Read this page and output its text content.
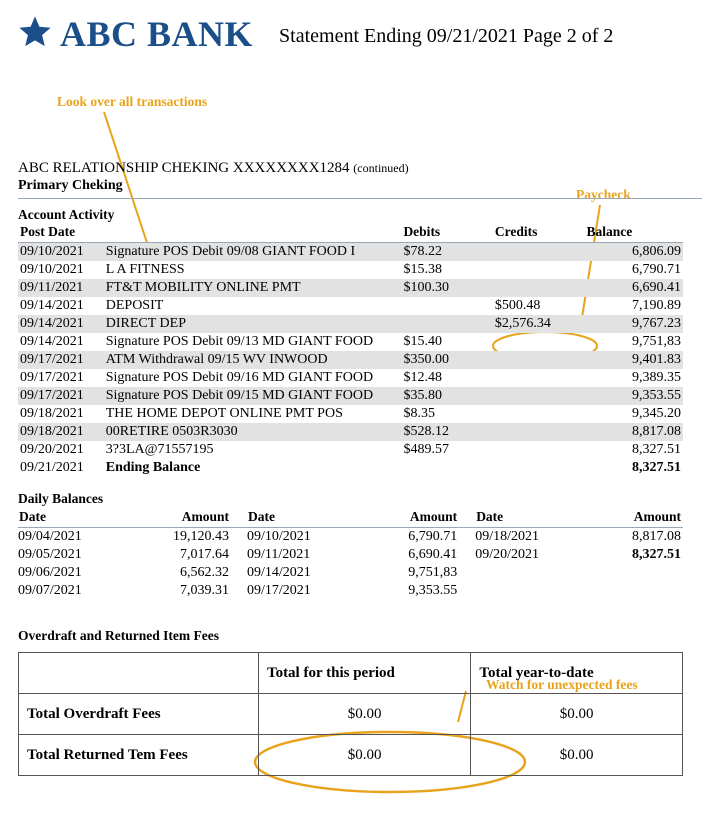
ABC BANK Statement Ending 09/21/2021 Page 2 of 2
Look over all transactions
Paycheck
Watch for unexpected fees
ABC RELATIONSHIP CHEKING XXXXXXXX1284 (continued)
Primary Cheking
Account Activity
Post Date		Debits	Credits	Balance
09/10/2021	Signature POS Debit 09/08 GIANT FOOD I	$78.22		6,806.09
09/10/2021	L A FITNESS	$15.38		6,790.71
09/11/2021	FT&T MOBILITY ONLINE PMT	$100.30		6,690.41
09/14/2021	DEPOSIT		$500.48	7,190.89
09/14/2021	DIRECT DEP		$2,576.34	9,767.23
09/14/2021	Signature POS Debit 09/13 MD GIANT FOOD	$15.40		9,751,83
09/17/2021	ATM Withdrawal 09/15 WV INWOOD	$350.00		9,401.83
09/17/2021	Signature POS Debit 09/16 MD GIANT FOOD	$12.48		9,389.35
09/17/2021	Signature POS Debit 09/15 MD GIANT FOOD	$35.80		9,353.55
09/18/2021	THE HOME DEPOT ONLINE PMT POS	$8.35		9,345.20
09/18/2021	00RETIRE 0503R3030	$528.12		8,817.08
09/20/2021	3?3LA@71557195	$489.57		8,327.51
09/21/2021	Ending Balance			8,327.51
Daily Balances
Date	Amount	Date	Amount	Date	Amount
09/04/2021	19,120.43	09/10/2021	6,790.71	09/18/2021	8,817.08
09/05/2021	7,017.64	09/11/2021	6,690.41	09/20/2021	8,327.51
09/06/2021	6,562.32	09/14/2021	9,751,83		
09/07/2021	7,039.31	09/17/2021	9,353.55		
Overdraft and Returned Item Fees
	Total for this period	Total year-to-date
Total Overdraft Fees	$0.00	$0.00
Total Returned Tem Fees	$0.00	$0.00
